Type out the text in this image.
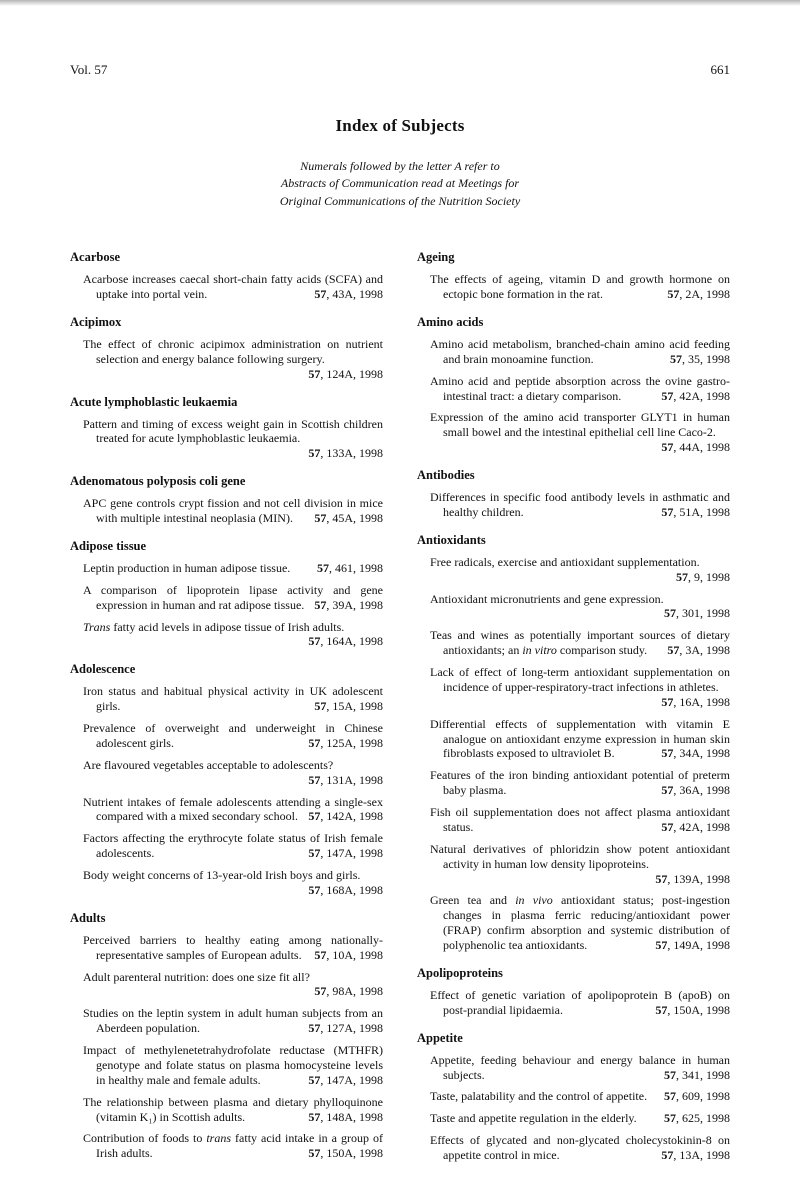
Vol. 57	661
Index of Subjects
Numerals followed by the letter A refer to
Abstracts of Communication read at Meetings for
Original Communications of the Nutrition Society
Acarbose

Acarbose increases caecal short-chain fatty acids (SCFA) and uptake into portal vein.	57, 43A, 1998

Acipimox

The effect of chronic acipimox administration on nutrient selection and energy balance following surgery.
57, 124A, 1998

Acute lymphoblastic leukaemia

Pattern and timing of excess weight gain in Scottish children treated for acute lymphoblastic leukaemia.
57, 133A, 1998

Adenomatous polyposis coli gene

APC gene controls crypt fission and not cell division in mice with multiple intestinal neoplasia (MIN).	57, 45A, 1998

Adipose tissue

Leptin production in human adipose tissue.	57, 461, 1998

A comparison of lipoprotein lipase activity and gene expression in human and rat adipose tissue. 57, 39A, 1998

Trans fatty acid levels in adipose tissue of Irish adults.
57, 164A, 1998

Adolescence

Iron status and habitual physical activity in UK adolescent girls.	57, 15A, 1998

Prevalence of overweight and underweight in Chinese adolescent girls.	57, 125A, 1998

Are flavoured vegetables acceptable to adolescents?
57, 131A, 1998

Nutrient intakes of female adolescents attending a single-sex compared with a mixed secondary school. 57, 142A, 1998

Factors affecting the erythrocyte folate status of Irish female adolescents.	57, 147A, 1998

Body weight concerns of 13-year-old Irish boys and girls.
57, 168A, 1998

Adults

Perceived barriers to healthy eating among nationally-representative samples of European adults.	57, 10A, 1998

Adult parenteral nutrition: does one size fit all?
57, 98A, 1998

Studies on the leptin system in adult human subjects from an Aberdeen population.	57, 127A, 1998

Impact of methylenetetrahydrofolate reductase (MTHFR) genotype and folate status on plasma homocysteine levels in healthy male and female adults.	57, 147A, 1998

The relationship between plasma and dietary phylloquinone (vitamin K₁) in Scottish adults.	57, 148A, 1998

Contribution of foods to trans fatty acid intake in a group of Irish adults.	57, 150A, 1998

Ageing

The effects of ageing, vitamin D and growth hormone on ectopic bone formation in the rat.	57, 2A, 1998

Amino acids

Amino acid metabolism, branched-chain amino acid feeding and brain monoamine function.	57, 35, 1998

Amino acid and peptide absorption across the ovine gastro-intestinal tract: a dietary comparison.	57, 42A, 1998

Expression of the amino acid transporter GLYT1 in human small bowel and the intestinal epithelial cell line Caco-2.
57, 44A, 1998

Antibodies

Differences in specific food antibody levels in asthmatic and healthy children.	57, 51A, 1998

Antioxidants

Free radicals, exercise and antioxidant supplementation.
57, 9, 1998

Antioxidant micronutrients and gene expression.
57, 301, 1998

Teas and wines as potentially important sources of dietary antioxidants; an in vitro comparison study.	57, 3A, 1998

Lack of effect of long-term antioxidant supplementation on incidence of upper-respiratory-tract infections in athletes.
57, 16A, 1998

Differential effects of supplementation with vitamin E analogue on antioxidant enzyme expression in human skin fibroblasts exposed to ultraviolet B.	57, 34A, 1998

Features of the iron binding antioxidant potential of preterm baby plasma.	57, 36A, 1998

Fish oil supplementation does not affect plasma antioxidant status.	57, 42A, 1998

Natural derivatives of phloridzin show potent antioxidant activity in human low density lipoproteins.
57, 139A, 1998

Green tea and in vivo antioxidant status; post-ingestion changes in plasma ferric reducing/antioxidant power (FRAP) confirm absorption and systemic distribution of polyphenolic tea antioxidants.	57, 149A, 1998

Apolipoproteins

Effect of genetic variation of apolipoprotein B (apoB) on post-prandial lipidaemia.	57, 150A, 1998

Appetite

Appetite, feeding behaviour and energy balance in human subjects.	57, 341, 1998

Taste, palatability and the control of appetite.	57, 609, 1998

Taste and appetite regulation in the elderly.	57, 625, 1998

Effects of glycated and non-glycated cholecystokinin-8 on appetite control in mice.	57, 13A, 1998
